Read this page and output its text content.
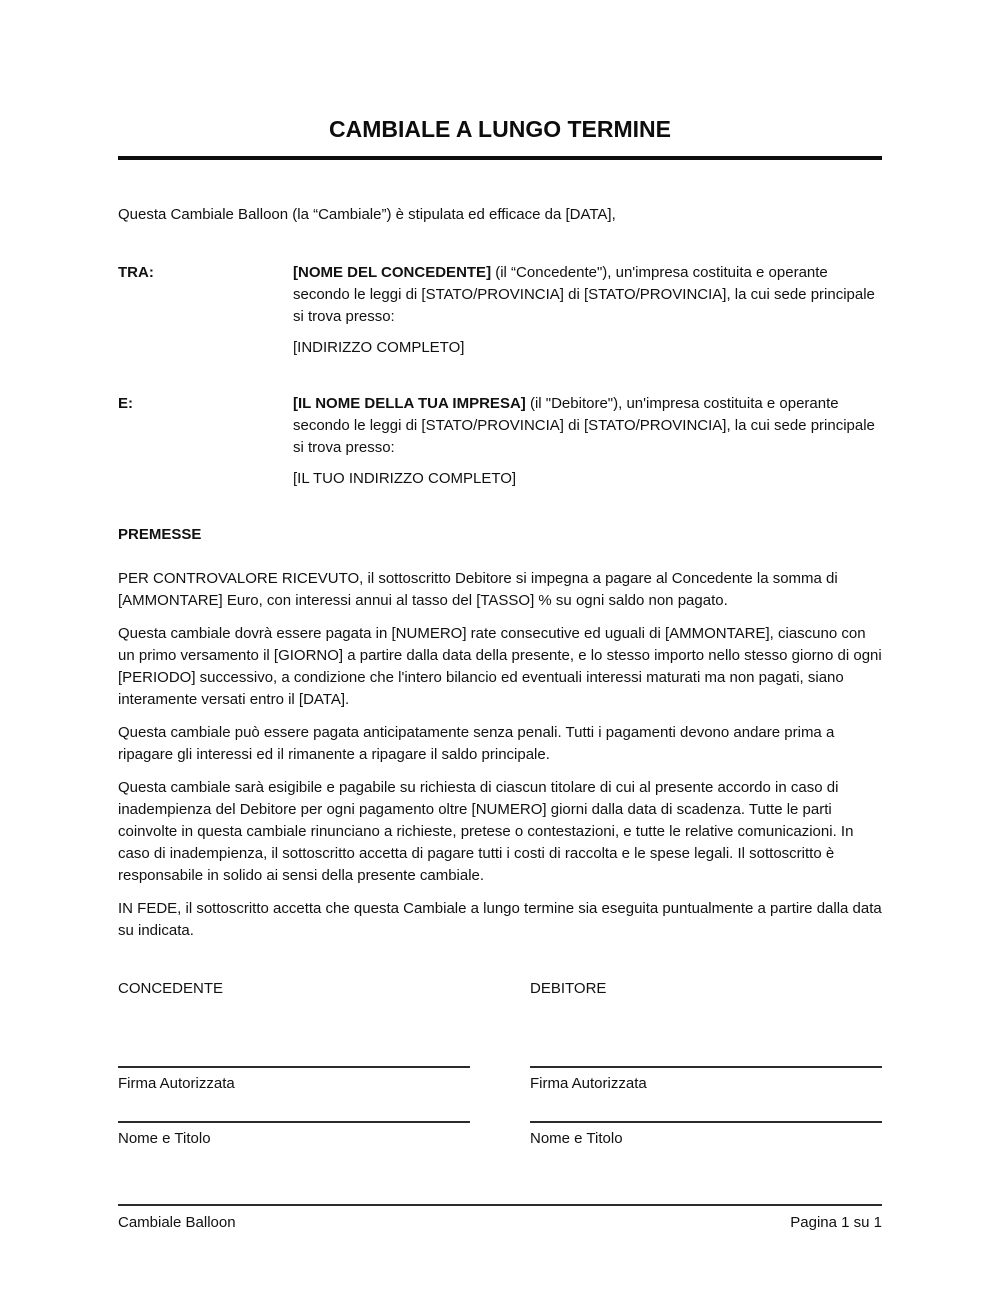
CAMBIALE A LUNGO TERMINE

Questa Cambiale Balloon (la “Cambiale”) è stipulata ed efficace da [DATA],

TRA:	[NOME DEL CONCEDENTE] (il “Concedente"), un'impresa costituita e operante secondo le leggi di [STATO/PROVINCIA] di [STATO/PROVINCIA], la cui sede principale si trova presso:
[INDIRIZZO COMPLETO]
E:	[IL NOME DELLA TUA IMPRESA] (il "Debitore"), un'impresa costituita e operante secondo le leggi di [STATO/PROVINCIA] di [STATO/PROVINCIA], la cui sede principale si trova presso:
[IL TUO INDIRIZZO COMPLETO]
PREMESSE

PER CONTROVALORE RICEVUTO, il sottoscritto Debitore si impegna a pagare al Concedente la somma di [AMMONTARE] Euro, con interessi annui al tasso del [TASSO] % su ogni saldo non pagato.

Questa cambiale dovrà essere pagata in [NUMERO] rate consecutive ed uguali di [AMMONTARE], ciascuno con un primo versamento il [GIORNO] a partire dalla data della presente, e lo stesso importo nello stesso giorno di ogni [PERIODO] successivo, a condizione che l'intero bilancio ed eventuali interessi maturati ma non pagati, siano interamente versati entro il [DATA].

Questa cambiale può essere pagata anticipatamente senza penali. Tutti i pagamenti devono andare prima a ripagare gli interessi ed il rimanente a ripagare il saldo principale.

Questa cambiale sarà esigibile e pagabile su richiesta di ciascun titolare di cui al presente accordo in caso di inadempienza del Debitore per ogni pagamento oltre [NUMERO] giorni dalla data di scadenza. Tutte le parti coinvolte in questa cambiale rinunciano a richieste, pretese o contestazioni, e tutte le relative comunicazioni. In caso di inadempienza, il sottoscritto accetta di pagare tutti i costi di raccolta e le spese legali. Il sottoscritto è responsabile in solido ai sensi della presente cambiale.

IN FEDE, il sottoscritto accetta che questa Cambiale a lungo termine sia eseguita puntualmente a partire dalla data su indicata.

CONCEDENTE	DEBITORE
Firma Autorizzata	Firma Autorizzata
Nome e Titolo	Nome e Titolo
Cambiale Balloon	Pagina 1 su 1
